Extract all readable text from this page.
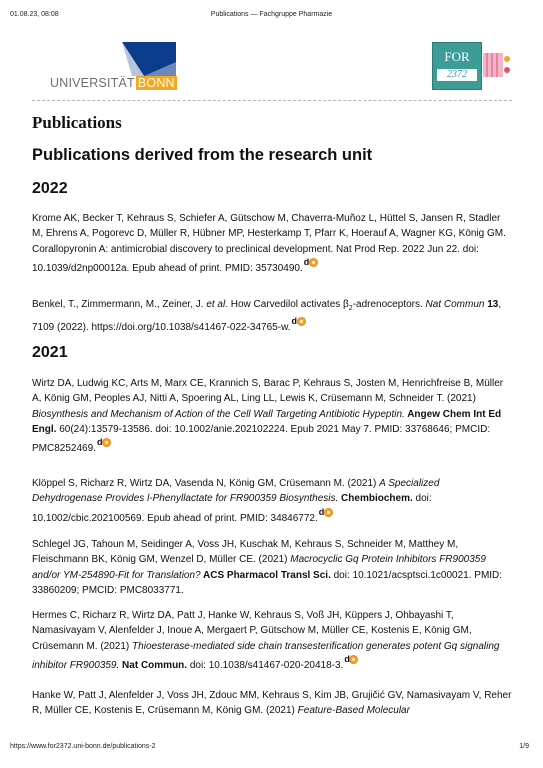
01.08.23, 08:08	Publications — Fachgruppe Pharmazie
UNIVERSITÄT BONN
FOR
2372
Publications
Publications derived from the research unit
2022

Krome AK, Becker T, Kehraus S, Schiefer A, Gütschow M, Chaverra-Muñoz L, Hüttel S, Jansen R, Stadler M, Ehrens A, Pogorevc D, Müller R, Hübner MP, Hesterkamp T, Pfarr K, Hoerauf A, Wagner KG, König GM. Corallopyronin A: antimicrobial discovery to preclinical development. Nat Prod Rep. 2022 Jun 22. doi: 10.1039/d2np00012a. Epub ahead of print. PMID: 35730490.
d

Benkel, T., Zimmermann, M., Zeiner, J. et al. How Carvedilol activates $\beta_2$-adrenoceptors. Nat Commun 13, 7109 (2022). https://doi.org/10.1038/s41467-022-34765-w.
d

2021

Wirtz DA, Ludwig KC, Arts M, Marx CE, Krannich S, Barac P, Kehraus S, Josten M, Henrichfreise B, Müller A, König GM, Peoples AJ, Nitti A, Spoering AL, Ling LL, Lewis K, Crüsemann M, Schneider T. (2021) Biosynthesis and Mechanism of Action of the Cell Wall Targeting Antibiotic Hypeptin. Angew Chem Int Ed Engl. 60(24):13579-13586. doi: 10.1002/anie.202102224. Epub 2021 May 7. PMID: 33768646; PMCID: PMC8252469.
d

Klöppel S, Richarz R, Wirtz DA, Vasenda N, König GM, Crüsemann M. (2021) A Specialized Dehydrogenase Provides l-Phenyllactate for FR900359 Biosynthesis. Chembiochem. doi: 10.1002/cbic.202100569. Epub ahead of print. PMID: 34846772.
d

Schlegel JG, Tahoun M, Seidinger A, Voss JH, Kuschak M, Kehraus S, Schneider M, Matthey M, Fleischmann BK, König GM, Wenzel D, Müller CE. (2021) Macrocyclic Gq Protein Inhibitors FR900359 and/or YM-254890-Fit for Translation? ACS Pharmacol Transl Sci. doi: 10.1021/acsptsci.1c00021. PMID: 33860209; PMCID: PMC8033771.

Hermes C, Richarz R, Wirtz DA, Patt J, Hanke W, Kehraus S, Voß JH, Küppers J, Ohbayashi T, Namasivayam V, Alenfelder J, Inoue A, Mergaert P, Gütschow M, Müller CE, Kostenis E, König GM, Crüsemann M. (2021) Thioesterase-mediated side chain transesterification generates potent Gq signaling inhibitor FR900359. Nat Commun. doi: 10.1038/s41467-020-20418-3.
d

Hanke W, Patt J, Alenfelder J, Voss JH, Zdouc MM, Kehraus S, Kim JB, Grujičić GV, Namasivayam V, Reher R, Müller CE, Kostenis E, Crüsemann M, König GM. (2021) Feature-Based Molecular

https://www.for2372.uni-bonn.de/publications-2	1/9
